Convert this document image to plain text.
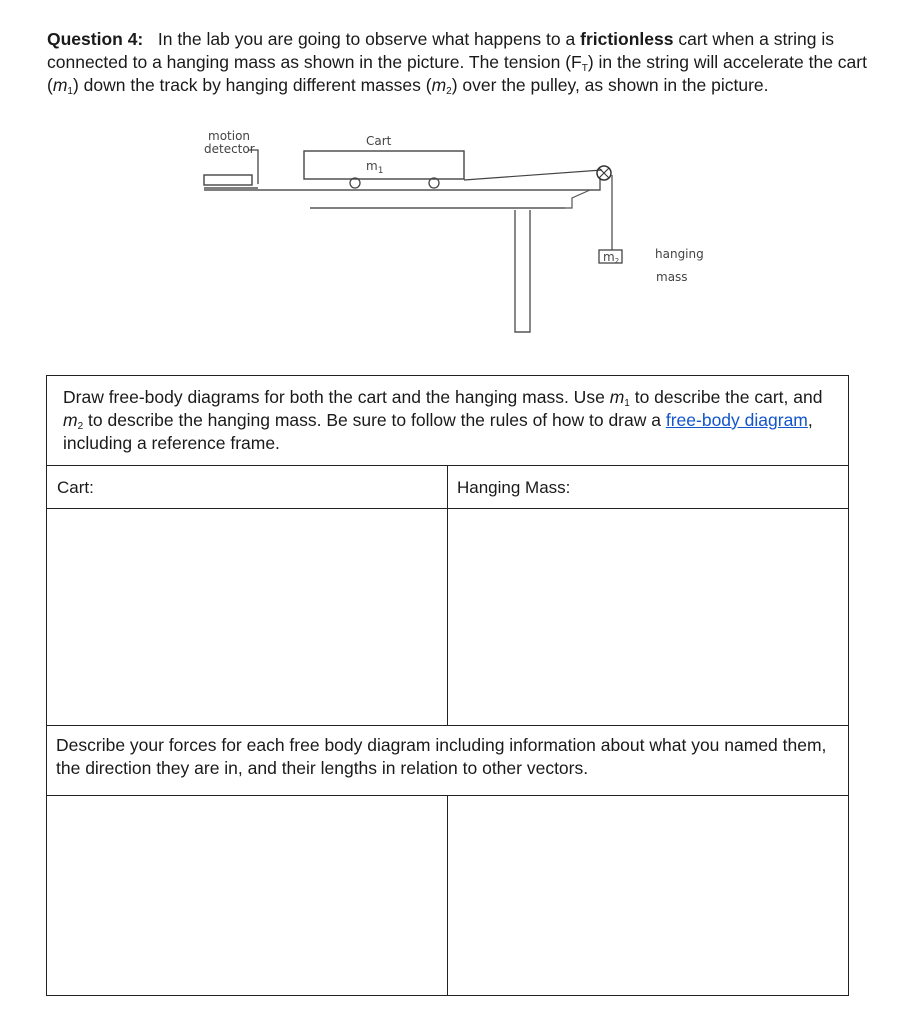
Question 4: In the lab you are going to observe what happens to a frictionless cart when a string is connected to a hanging mass as shown in the picture. The tension $(F_T)$ in the string will accelerate the cart $(m_1)$ down the track by hanging different masses $(m_2)$ over the pulley, as shown in the picture.
motion
detector
Cart
$m_1$
m2	hanging
mass
Draw free-body diagrams for both the cart and the hanging mass. Use $m_1$ to describe the cart, and $m_2$ to describe the hanging mass. Be sure to follow the rules of how to draw a free-body diagram, including a reference frame.
Cart:	Hanging Mass:
Describe your forces for each free body diagram including information about what you named them, the direction they are in, and their lengths in relation to other vectors.
